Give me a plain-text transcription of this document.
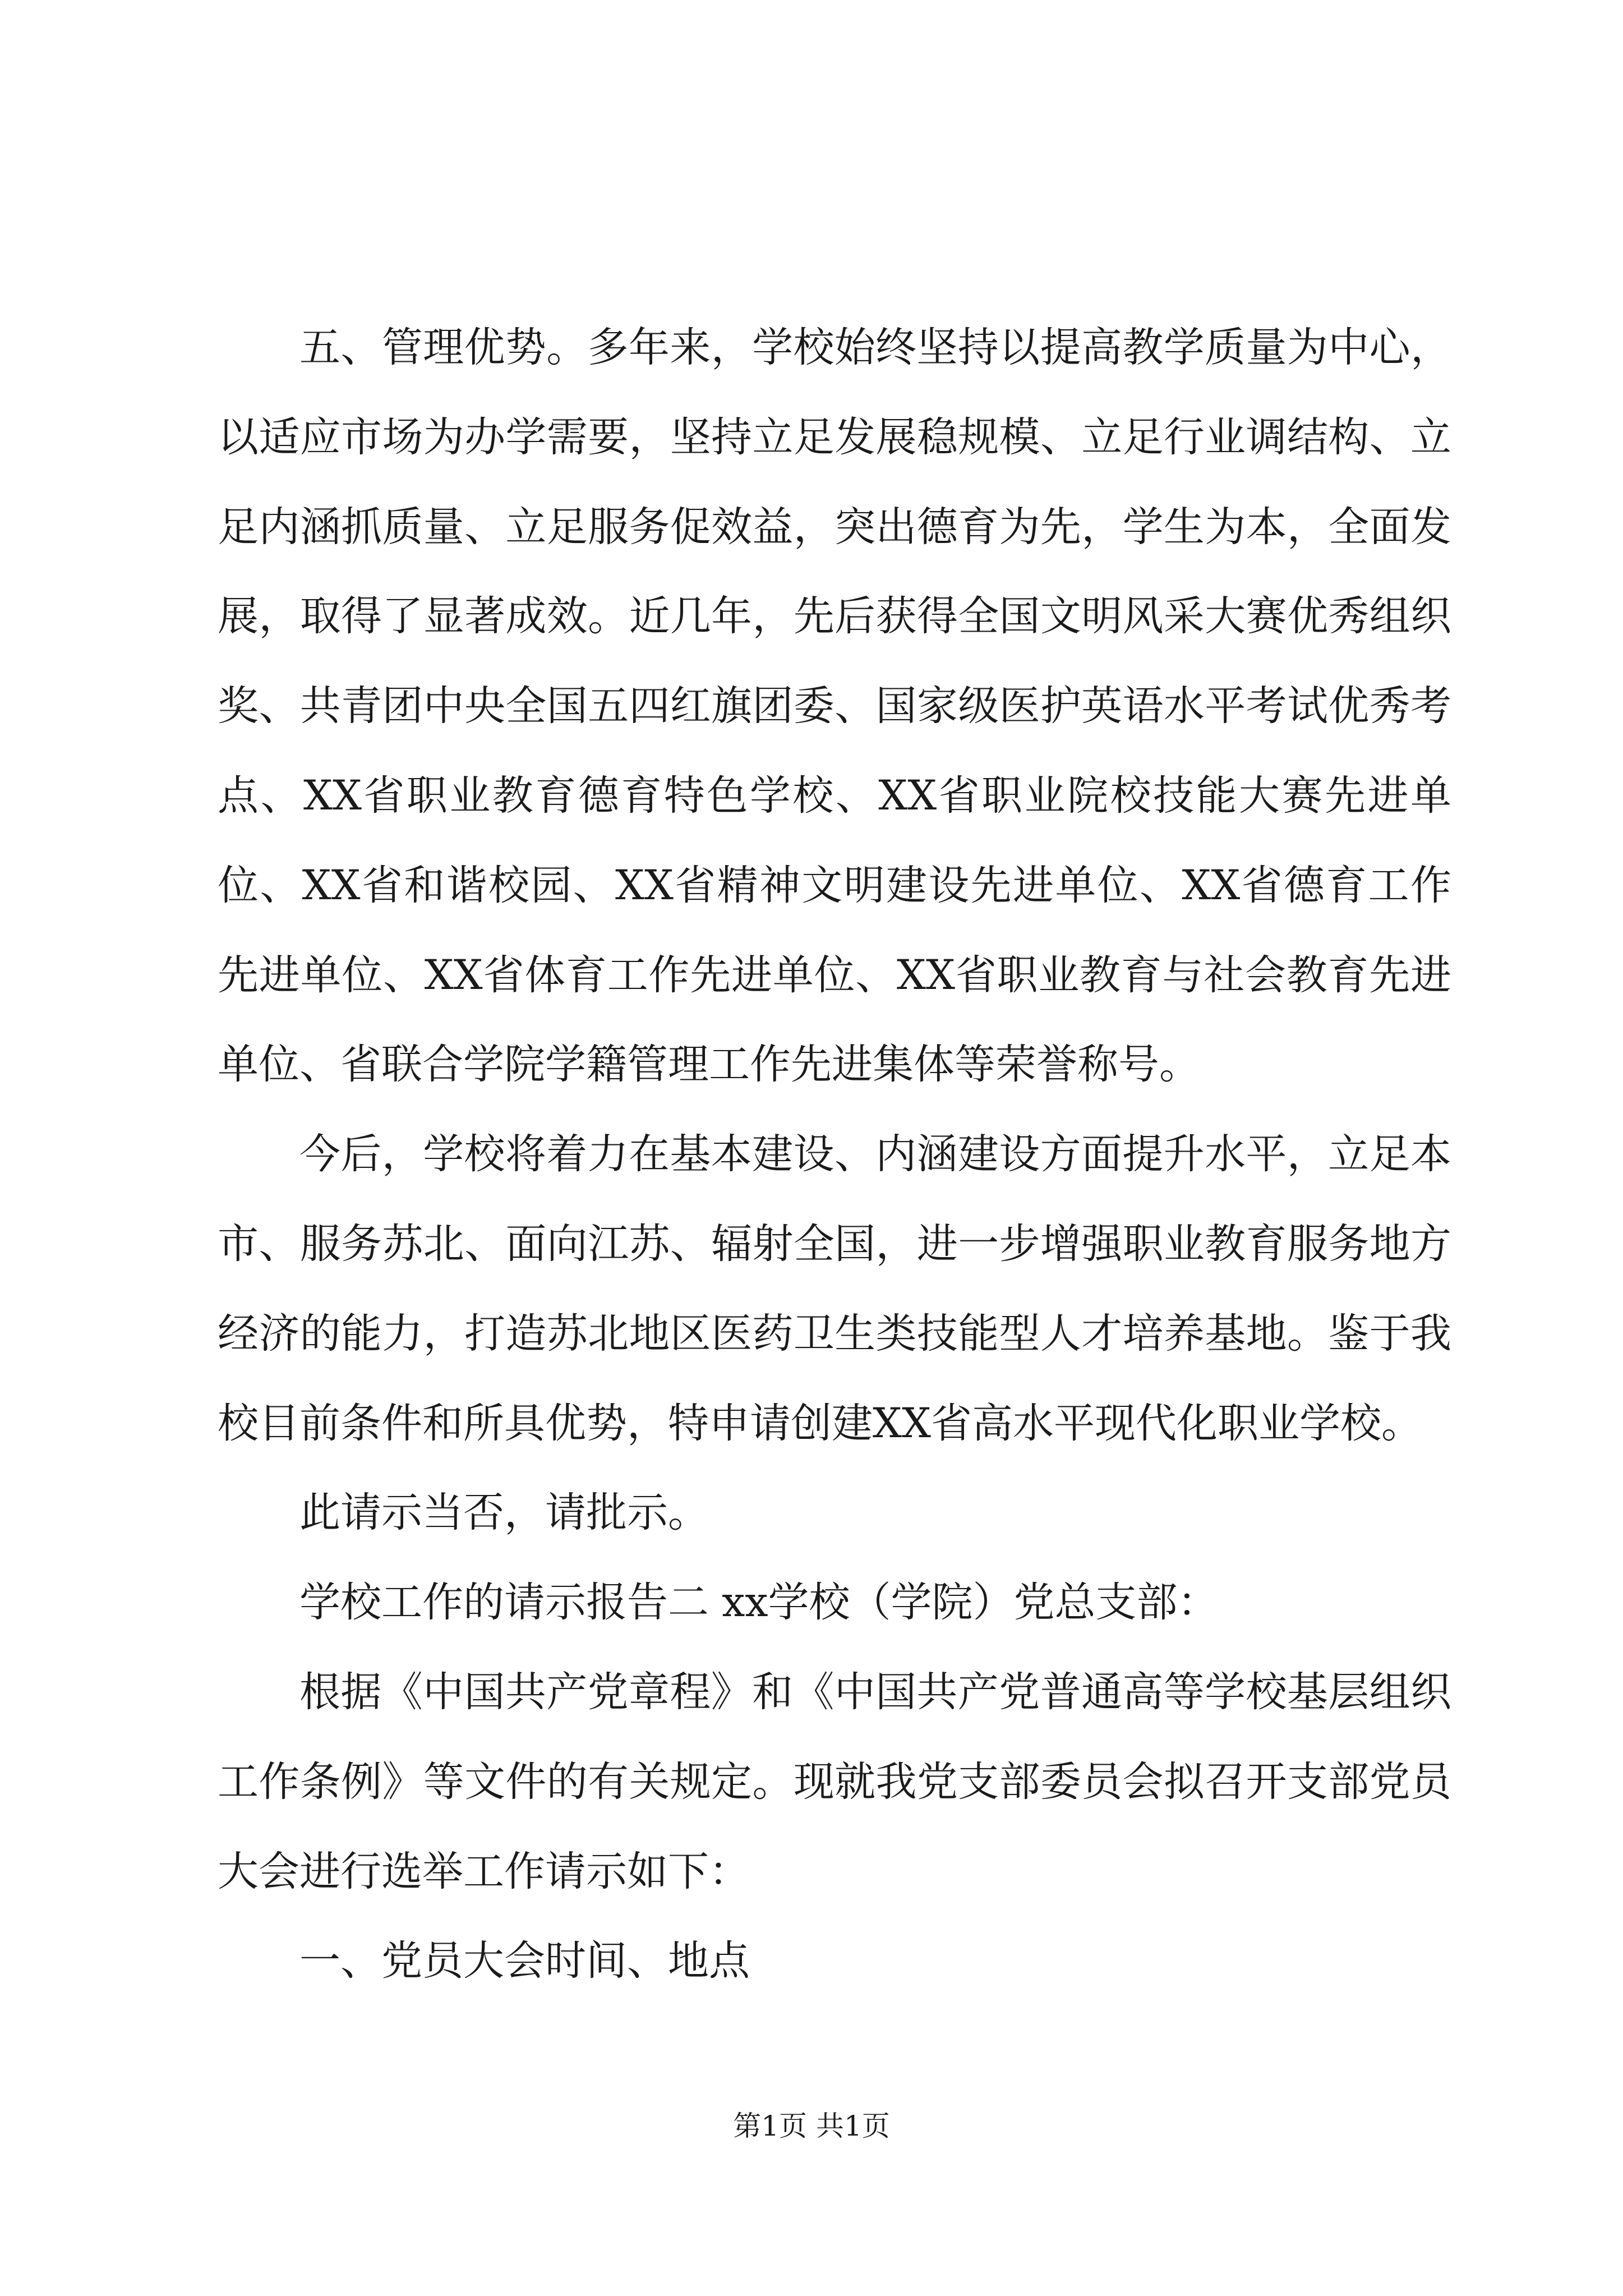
五、管理优势。多年来，学校始终坚持以提高教学质量为中心，以适应市场为办学需要，坚持立足发展稳规模、立足行业调结构、立足内涵抓质量、立足服务促效益，突出德育为先，学生为本，全面发展，取得了显著成效。近几年，先后获得全国文明风采大赛优秀组织奖、共青团中央全国五四红旗团委、国家级医护英语水平考试优秀考点、XX省职业教育德育特色学校、XX省职业院校技能大赛先进单位、XX省和谐校园、XX省精神文明建设先进单位、XX省德育工作先进单位、XX省体育工作先进单位、XX省职业教育与社会教育先进单位、省联合学院学籍管理工作先进集体等荣誉称号。

今后，学校将着力在基本建设、内涵建设方面提升水平，立足本市、服务苏北、面向江苏、辐射全国，进一步增强职业教育服务地方经济的能力，打造苏北地区医药卫生类技能型人才培养基地。鉴于我校目前条件和所具优势，特申请创建XX省高水平现代化职业学校。

此请示当否，请批示。

学校工作的请示报告二 xx学校（学院）党总支部：

根据《中国共产党章程》和《中国共产党普通高等学校基层组织工作条例》等文件的有关规定。现就我党支部委员会拟召开支部党员大会进行选举工作请示如下：

一、党员大会时间、地点

第1页 共1页
